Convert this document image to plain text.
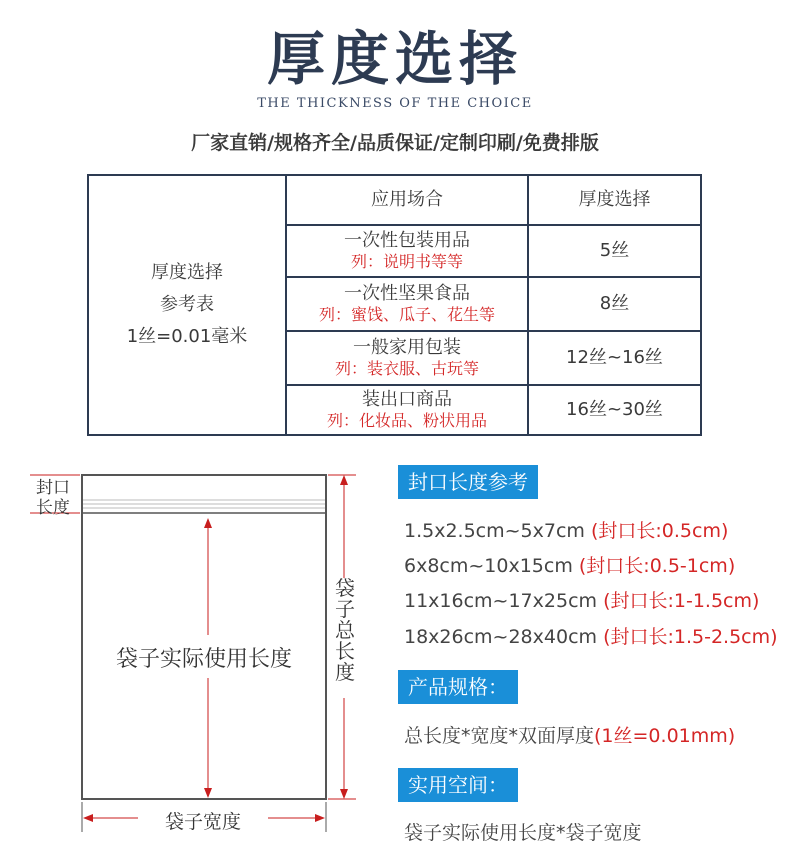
厚度选择
THE THICKNESS OF THE CHOICE
厂家直销/规格齐全/品质保证/定制印刷/免费排版
厚度选择
参考表
1丝=0.01毫米
应用场合	厚度选择
一次性包装用品
列：说明书等等
5丝
一次性坚果食品
列：蜜饯、瓜子、花生等
8丝
一般家用包装
列：装衣服、古玩等
12丝~16丝
装出口商品
列：化妆品、粉状用品
16丝~30丝
封口
长度
袋子实际使用长度
袋
子
总
长
度
袋子宽度
封口长度参考
1.5x2.5cm~5x7cm (封口长:0.5cm)
6x8cm~10x15cm (封口长:0.5-1cm)
11x16cm~17x25cm (封口长:1-1.5cm)
18x26cm~28x40cm (封口长:1.5-2.5cm)
产品规格：
总长度*宽度*双面厚度(1丝=0.01mm)
实用空间：
袋子实际使用长度*袋子宽度
